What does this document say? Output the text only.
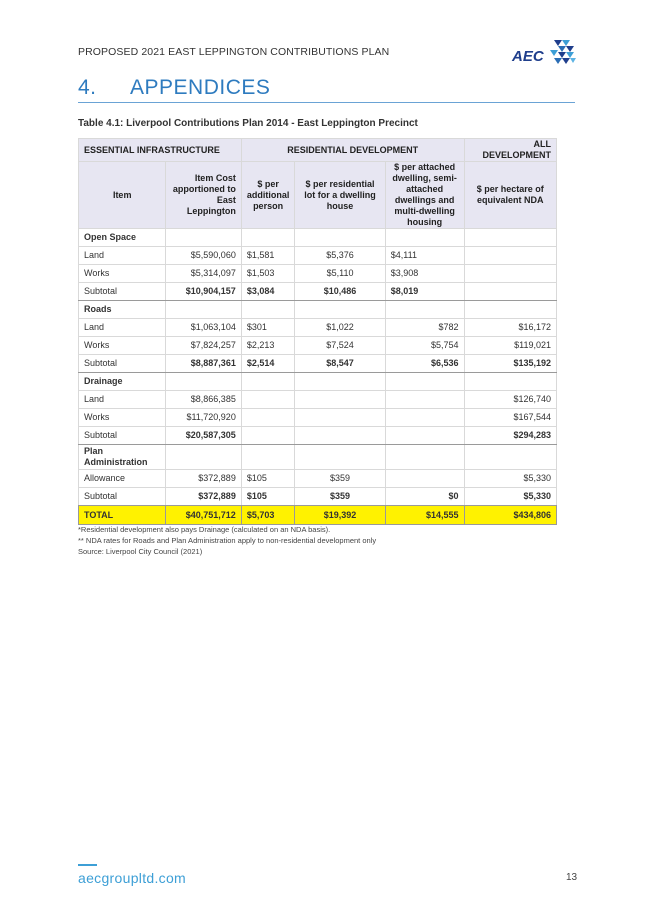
PROPOSED 2021 EAST LEPPINGTON CONTRIBUTIONS PLAN	AEC
4. APPENDICES
Table 4.1: Liverpool Contributions Plan 2014 - East Leppington Precinct
ESSENTIAL INFRASTRUCTURE		RESIDENTIAL DEVELOPMENT			ALL DEVELOPMENT
Item	Item Cost apportioned to East Leppington	$ per additional person	$ per residential lot for a dwelling house	$ per attached dwelling, semi-attached dwellings and multi-dwelling housing	$ per hectare of equivalent NDA
Open Space					
Land	$5,590,060	$1,581	$5,376	$4,111	
Works	$5,314,097	$1,503	$5,110	$3,908	
Subtotal	$10,904,157	$3,084	$10,486	$8,019	
Roads					
Land	$1,063,104	$301	$1,022	$782	$16,172
Works	$7,824,257	$2,213	$7,524	$5,754	$119,021
Subtotal	$8,887,361	$2,514	$8,547	$6,536	$135,192
Drainage					
Land	$8,866,385				$126,740
Works	$11,720,920				$167,544
Subtotal	$20,587,305				$294,283
Plan Administration					
Allowance	$372,889	$105	$359		$5,330
Subtotal	$372,889	$105	$359	$0	$5,330
TOTAL	$40,751,712	$5,703	$19,392	$14,555	$434,806
*Residential development also pays Drainage (calculated on an NDA basis).
** NDA rates for Roads and Plan Administration apply to non-residential development only
Source: Liverpool City Council (2021)
aecgroupltd.com	13
